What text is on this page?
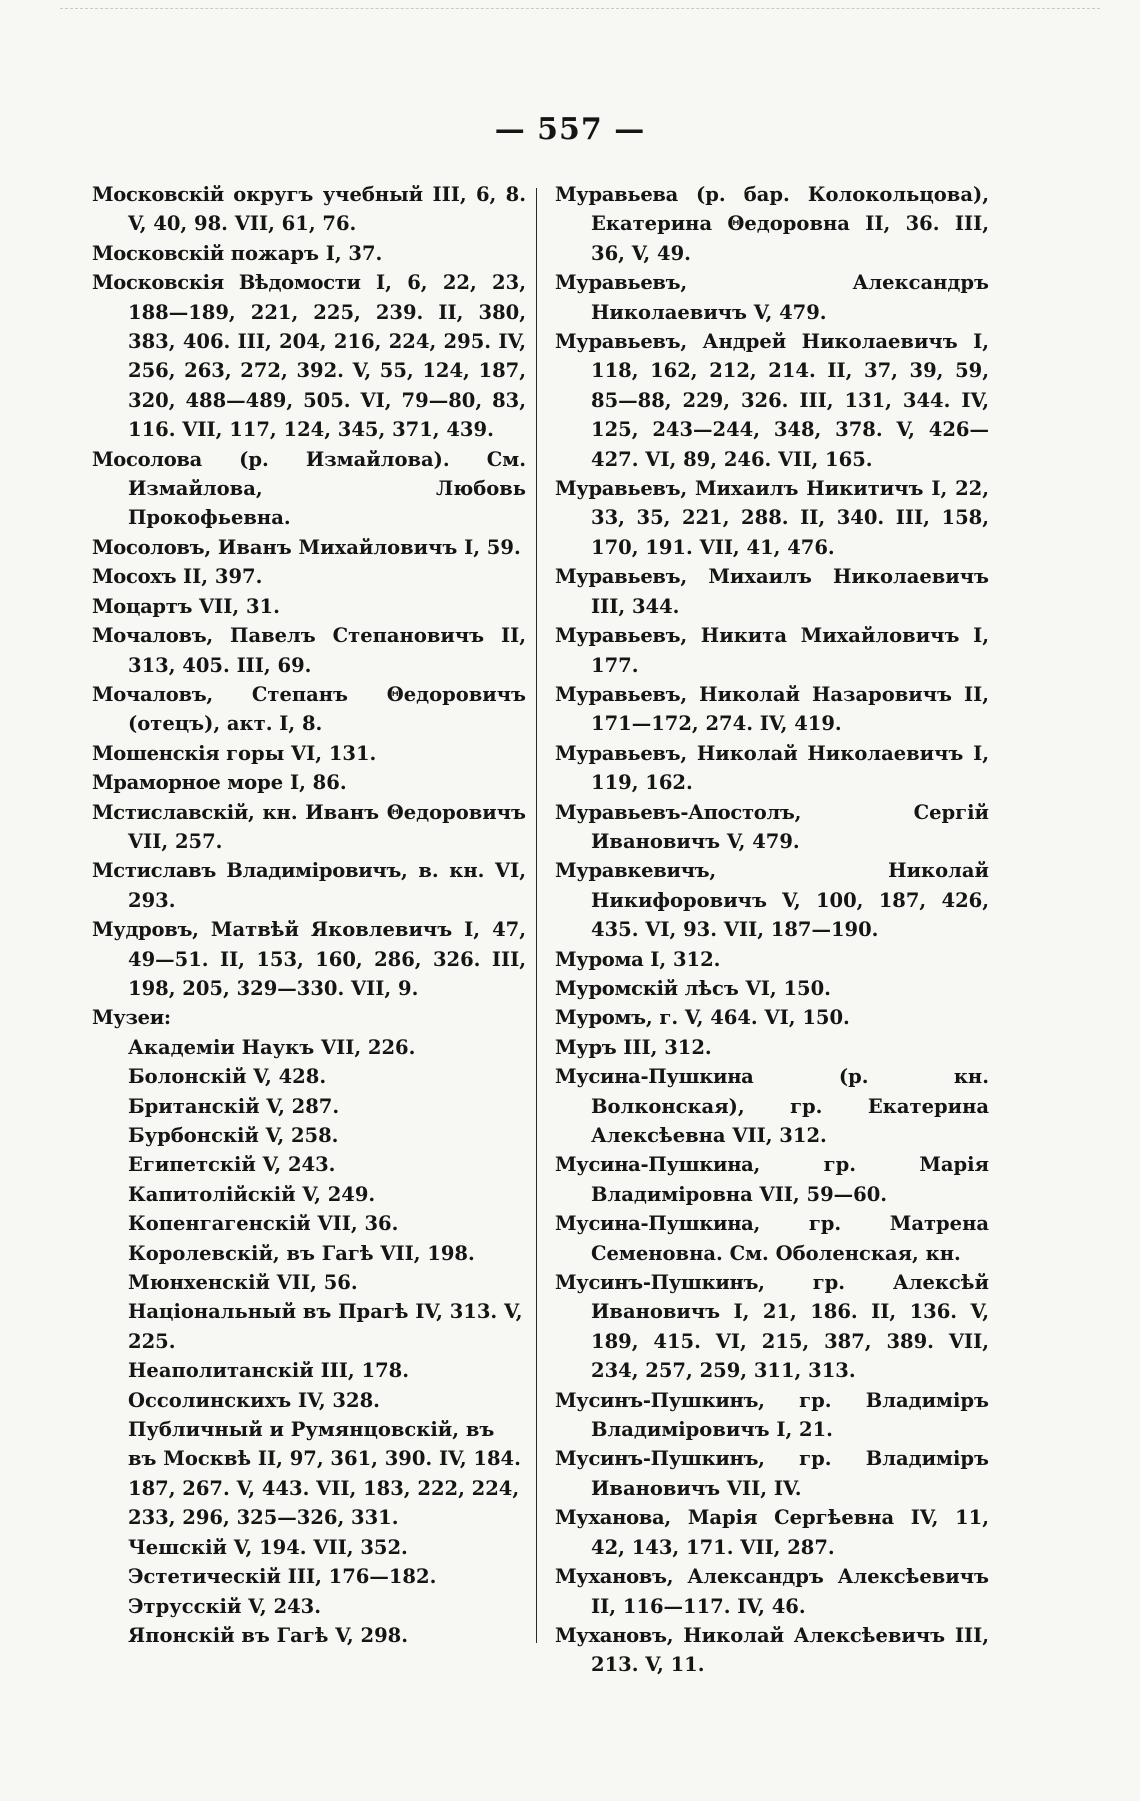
— 557 —
Московскій округъ учебный III, 6, 8. V, 40, 98. VII, 61, 76.
Московскій пожаръ I, 37.
Московскія Вѣдомости I, 6, 22, 23, 188—189, 221, 225, 239. II, 380, 383, 406. III, 204, 216, 224, 295. IV, 256, 263, 272, 392. V, 55, 124, 187, 320, 488—489, 505. VI, 79—80, 83, 116. VII, 117, 124, 345, 371, 439.
Мосолова (р. Измайлова). См. Измайлова, Любовь Прокофьевна.
Мосоловъ, Иванъ Михайловичъ I, 59.
Мосохъ II, 397.
Моцартъ VII, 31.
Мочаловъ, Павелъ Степановичъ II, 313, 405. III, 69.
Мочаловъ, Степанъ Θедоровичъ (отецъ), акт. I, 8.
Мошенскія горы VI, 131.
Мраморное море I, 86.
Мстиславскій, кн. Иванъ Θедоровичъ VII, 257.
Мстиславъ Владиміровичъ, в. кн. VI, 293.
Мудровъ, Матвѣй Яковлевичъ I, 47, 49—51. II, 153, 160, 286, 326. III, 198, 205, 329—330. VII, 9.
Музеи:
Академіи Наукъ VII, 226.
Болонскій V, 428.
Британскій V, 287.
Бурбонскій V, 258.
Египетскій V, 243.
Капитолійскій V, 249.
Копенгагенскій VII, 36.
Королевскій, въ Гагѣ VII, 198.
Мюнхенскій VII, 56.
Національный въ Прагѣ IV, 313. V, 225.
Неаполитанскій III, 178.
Оссолинскихъ IV, 328.
Публичный и Румянцовскій, въ въ Москвѣ II, 97, 361, 390. IV, 184. 187, 267. V, 443. VII, 183, 222, 224, 233, 296, 325—326, 331.
Чешскій V, 194. VII, 352.
Эстетическій III, 176—182.
Этрусскій V, 243.
Японскій въ Гагѣ V, 298.
Муравьева (р. бар. Колокольцова), Екатерина Θедоровна II, 36. III, 36, V, 49.
Муравьевъ, Александръ Николаевичъ V, 479.
Муравьевъ, Андрей Николаевичъ I, 118, 162, 212, 214. II, 37, 39, 59, 85—88, 229, 326. III, 131, 344. IV, 125, 243—244, 348, 378. V, 426—427. VI, 89, 246. VII, 165.
Муравьевъ, Михаилъ Никитичъ I, 22, 33, 35, 221, 288. II, 340. III, 158, 170, 191. VII, 41, 476.
Муравьевъ, Михаилъ Николаевичъ III, 344.
Муравьевъ, Никита Михайловичъ I, 177.
Муравьевъ, Николай Назаровичъ II, 171—172, 274. IV, 419.
Муравьевъ, Николай Николаевичъ I, 119, 162.
Муравьевъ-Апостолъ, Сергій Ивановичъ V, 479.
Муравкевичъ, Николай Никифоровичъ V, 100, 187, 426, 435. VI, 93. VII, 187—190.
Мурома I, 312.
Муромскій лѣсъ VI, 150.
Муромъ, г. V, 464. VI, 150.
Муръ III, 312.
Мусина-Пушкина (р. кн. Волконская), гр. Екатерина Алексѣевна VII, 312.
Мусина-Пушкина, гр. Марія Владиміровна VII, 59—60.
Мусина-Пушкина, гр. Матрена Семеновна. См. Оболенская, кн.
Мусинъ-Пушкинъ, гр. Алексѣй Ивановичъ I, 21, 186. II, 136. V, 189, 415. VI, 215, 387, 389. VII, 234, 257, 259, 311, 313.
Мусинъ-Пушкинъ, гр. Владиміръ Владиміровичъ I, 21.
Мусинъ-Пушкинъ, гр. Владиміръ Ивановичъ VII, IV.
Муханова, Марія Сергѣевна IV, 11, 42, 143, 171. VII, 287.
Мухановъ, Александръ Алексѣевичъ II, 116—117. IV, 46.
Мухановъ, Николай Алексѣевичъ III, 213. V, 11.
